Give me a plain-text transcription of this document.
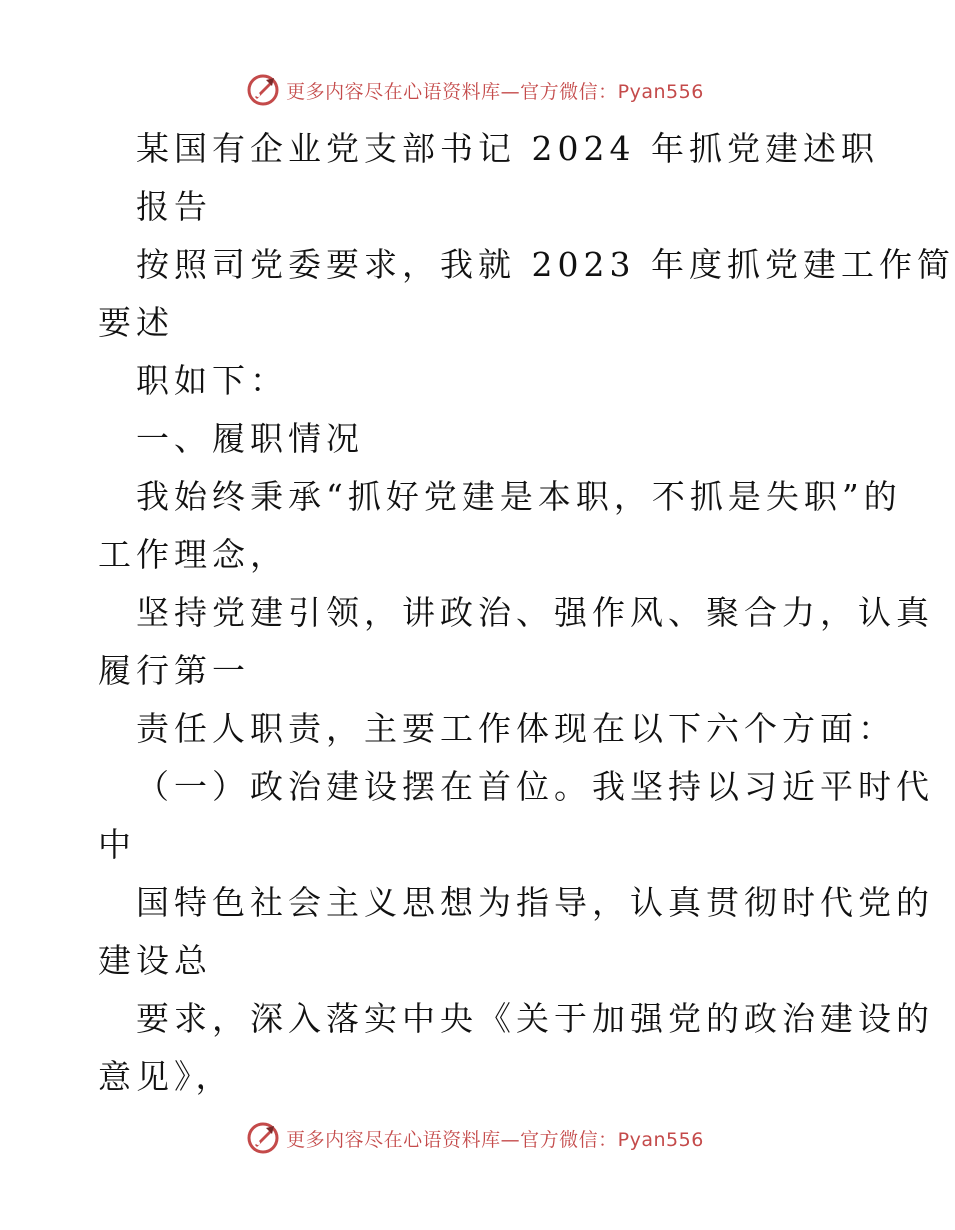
更多内容尽在心语资料库—官方微信：Pyan556
某国有企业党支部书记 2024 年抓党建述职
报告
按照司党委要求，我就 2023 年度抓党建工作简
要述
职如下：
一、履职情况
我始终秉承“抓好党建是本职，不抓是失职”的
工作理念，
坚持党建引领，讲政治、强作风、聚合力，认真
履行第一
责任人职责，主要工作体现在以下六个方面：
（一）政治建设摆在首位。我坚持以习近平时代
中
国特色社会主义思想为指导，认真贯彻时代党的
建设总
要求，深入落实中央《关于加强党的政治建设的
意见》，
更多内容尽在心语资料库—官方微信：Pyan556
